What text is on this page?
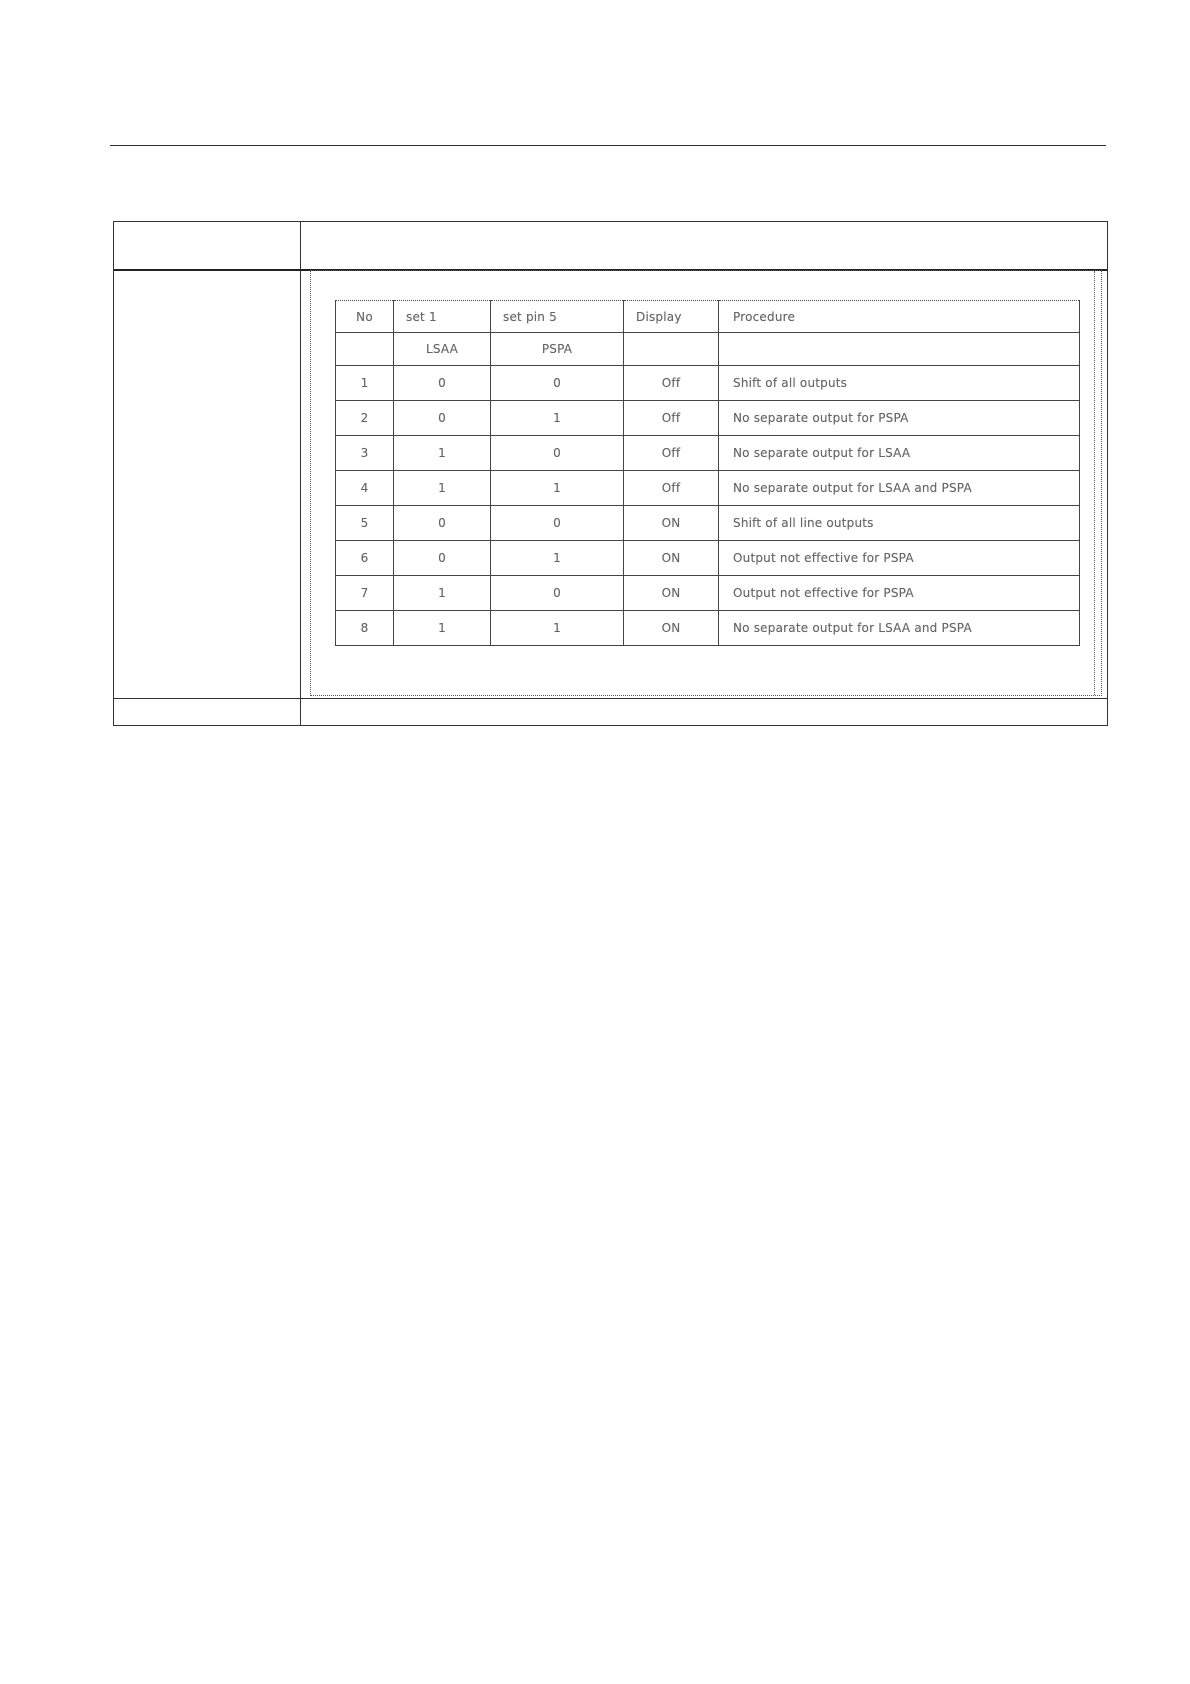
No	set 1	set pin 5	Display	Procedure
	LSAA	PSPA		
1	0	0	Off	Shift of all outputs
2	0	1	Off	No separate output for PSPA
3	1	0	Off	No separate output for LSAA
4	1	1	Off	No separate output for LSAA and PSPA
5	0	0	ON	Shift of all line outputs
6	0	1	ON	Output not effective for PSPA
7	1	0	ON	Output not effective for PSPA
8	1	1	ON	No separate output for LSAA and PSPA
